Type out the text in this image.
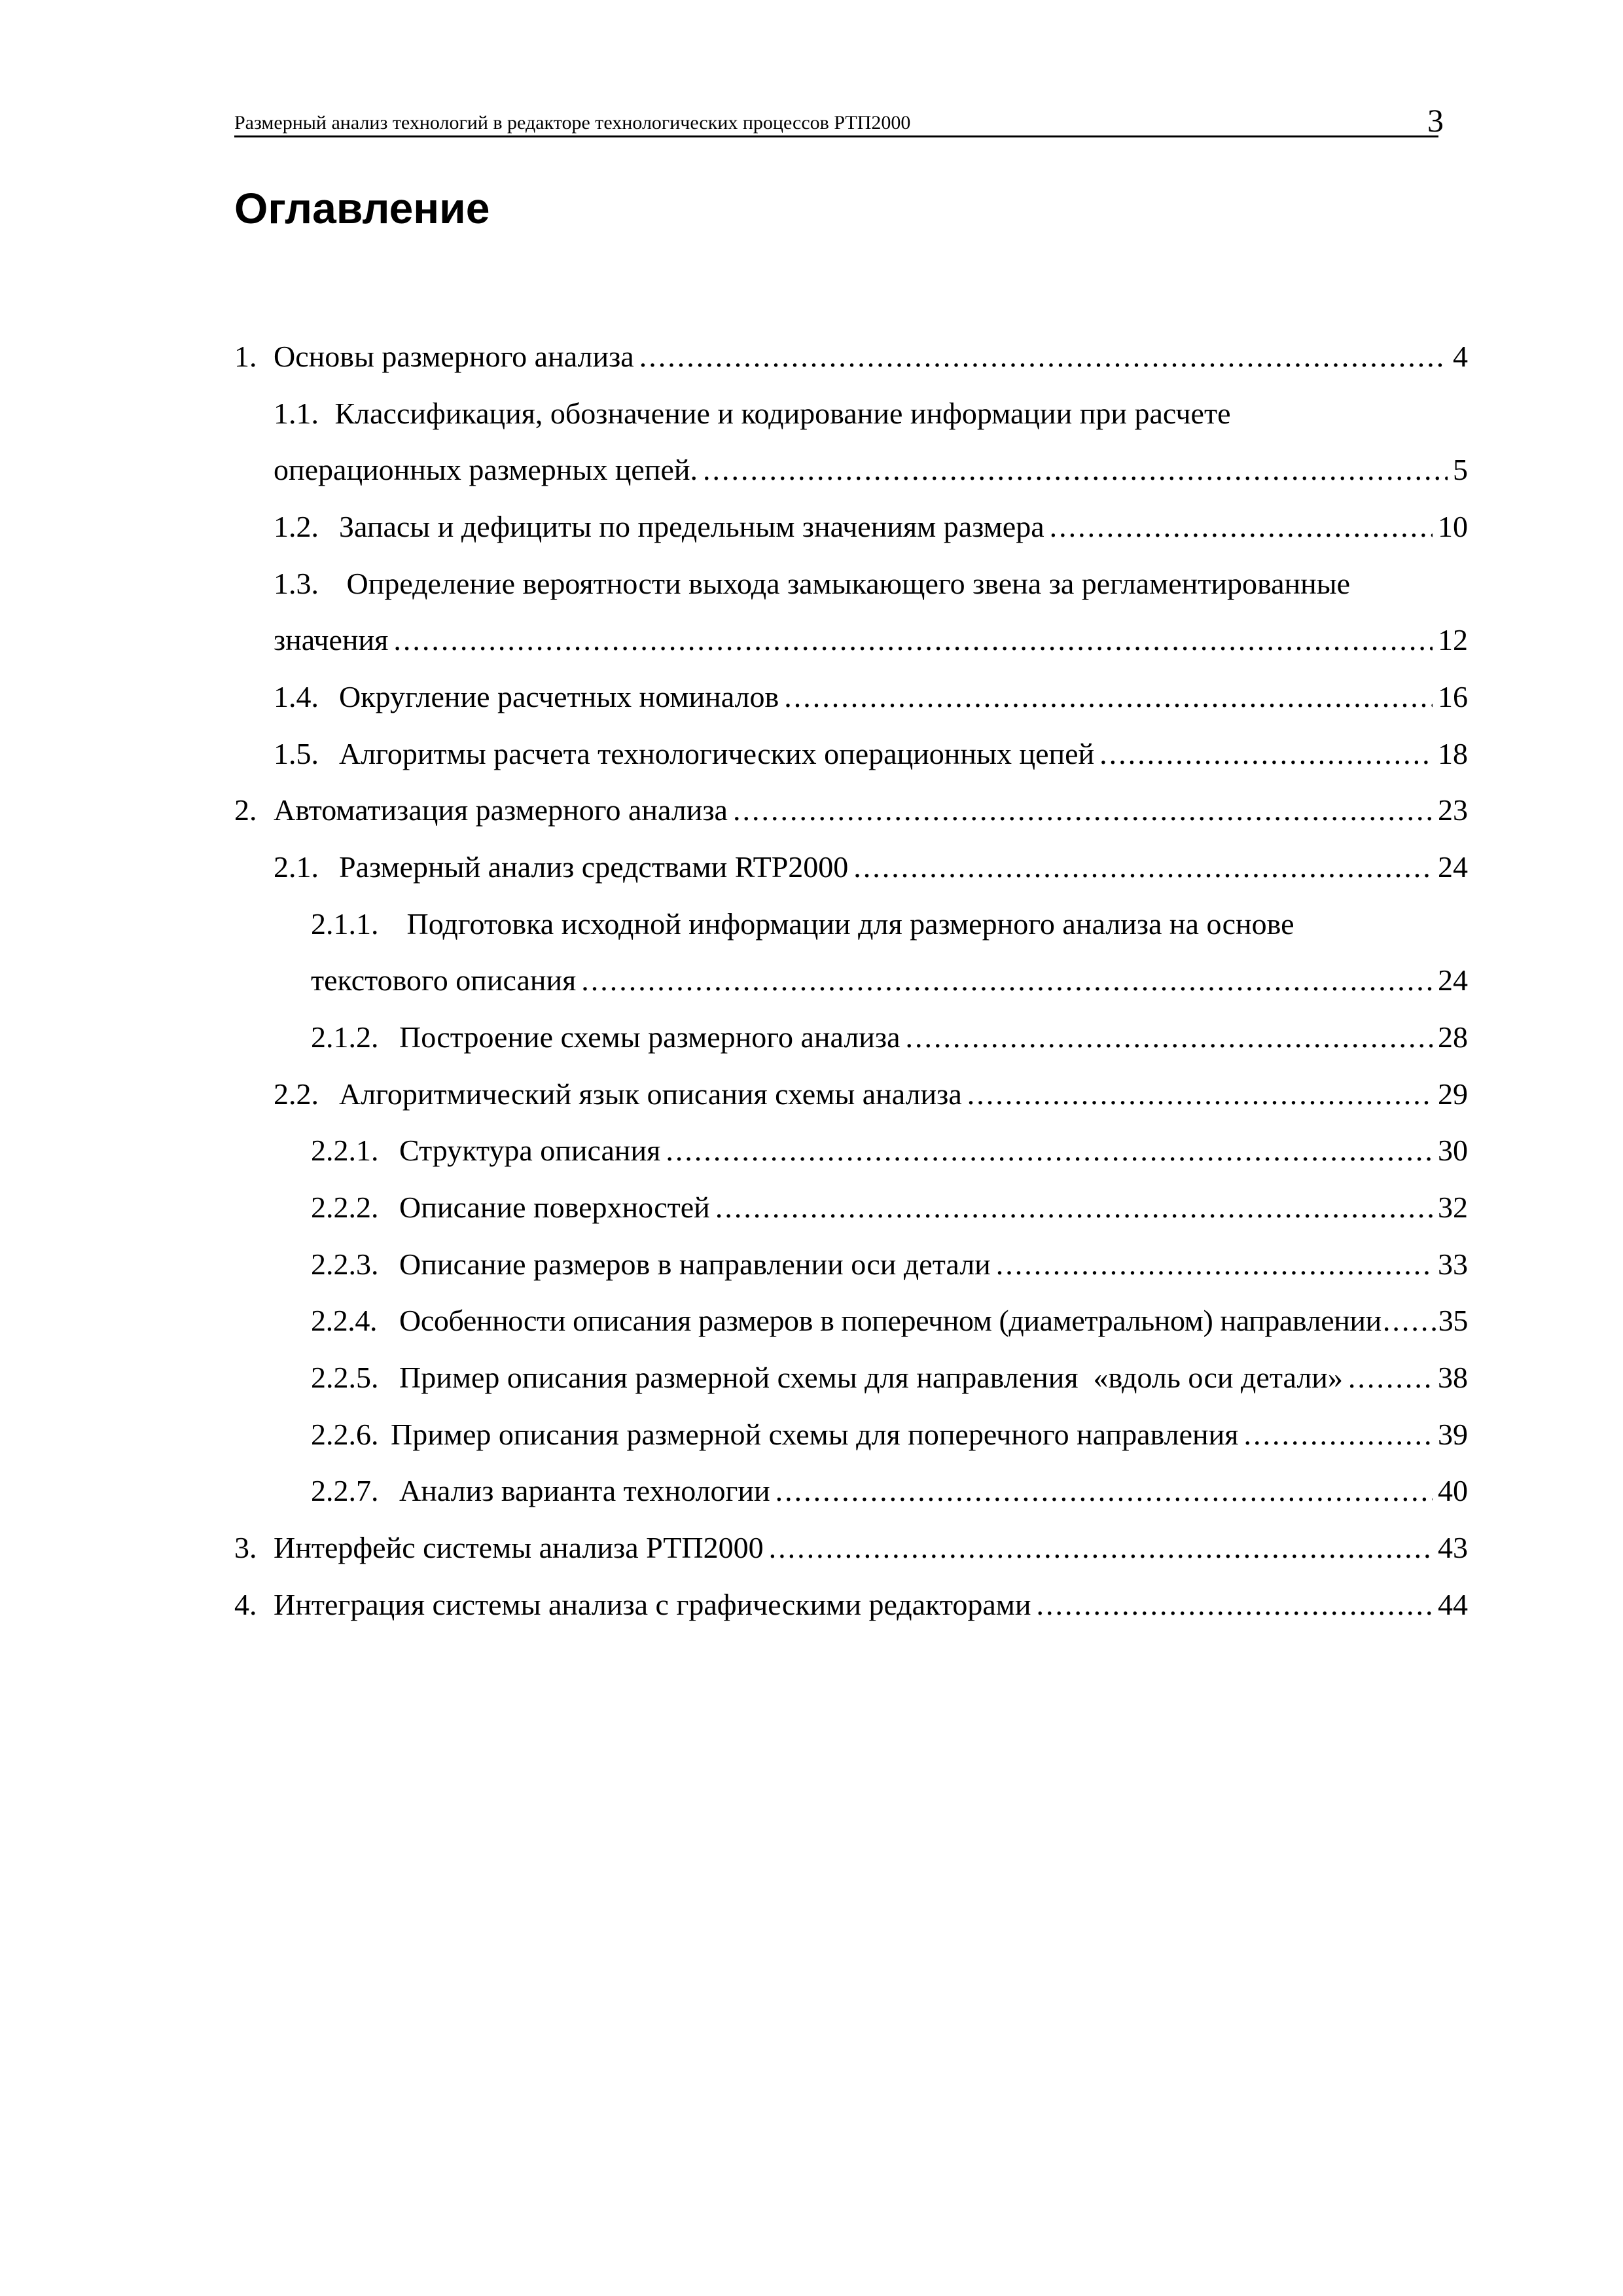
Размерный анализ технологий в редакторе технологических процессов РТП2000	3
Оглавление
1. Основы размерного анализа .....	4
1.1. Классификация, обозначение и кодирование информации при расчете
операционных размерных цепей. .....	5
1.2. Запасы и дефициты по предельным значениям размера .....	10
1.3. Определение вероятности выхода замыкающего звена за регламентированные
значения .....	12
1.4. Округление расчетных номиналов .....	16
1.5. Алгоритмы расчета технологических операционных цепей .....	18
2. Автоматизация размерного анализа .....	23
2.1. Размерный анализ средствами RTP2000 .....	24
2.1.1. Подготовка исходной информации для размерного анализа на основе
текстового описания .....	24
2.1.2. Построение схемы размерного анализа .....	28
2.2. Алгоритмический язык описания схемы анализа .....	29
2.2.1. Структура описания .....	30
2.2.2. Описание поверхностей .....	32
2.2.3. Описание размеров в направлении оси детали .....	33
2.2.4. Особенности описания размеров в поперечном (диаметральном) направлении ..... 35
2.2.5. Пример описания размерной схемы для направления  «вдоль оси детали» .....	38
2.2.6. Пример описания размерной схемы для поперечного направления .....	39
2.2.7. Анализ варианта технологии .....	40
3. Интерфейс системы анализа РТП2000 .....	43
4. Интеграция системы анализа с графическими редакторами .....	44
